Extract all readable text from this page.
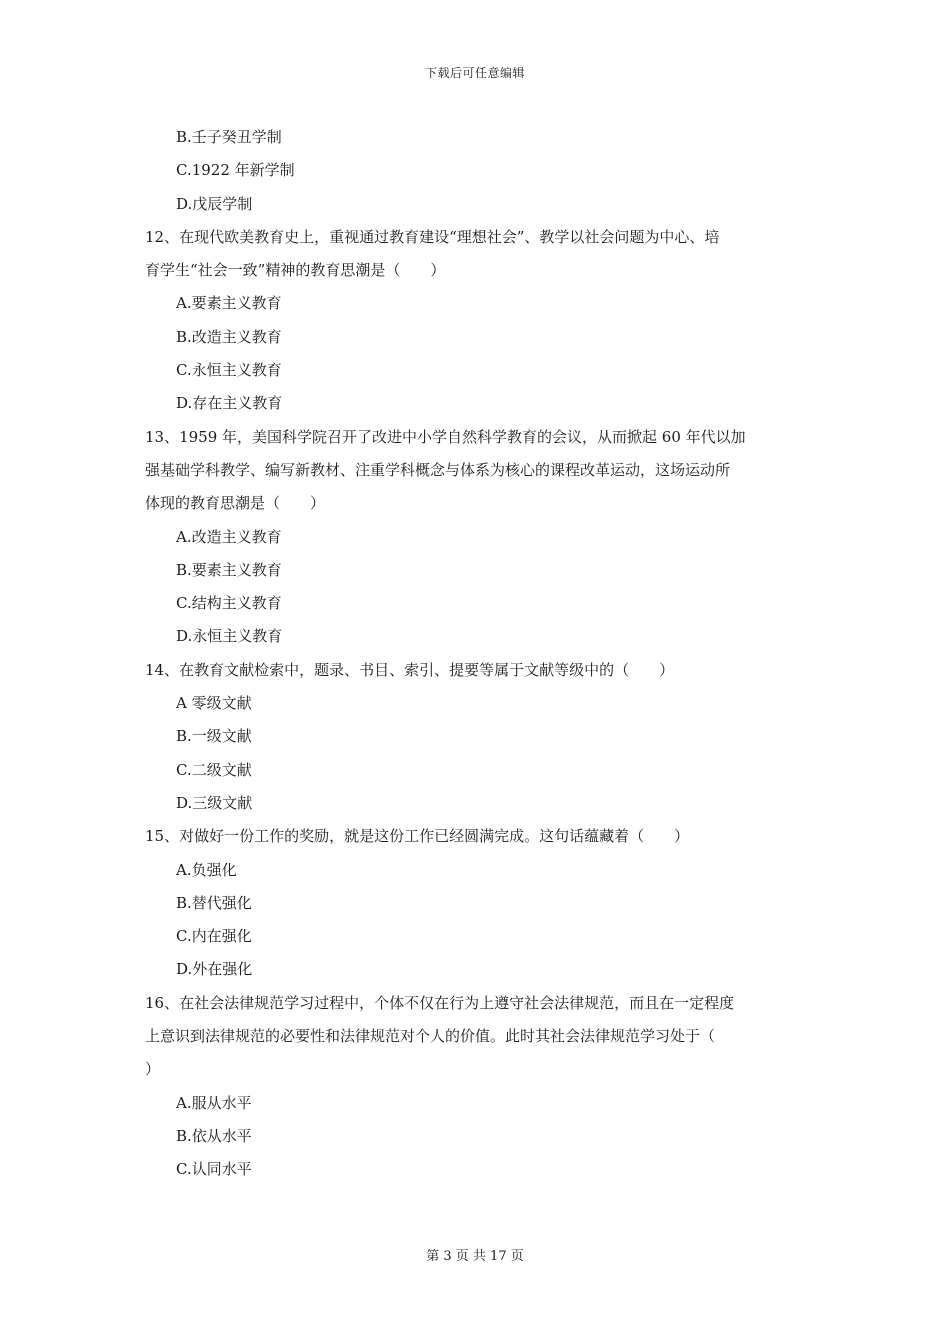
下载后可任意编辑
B.壬子癸丑学制
C.1922 年新学制
D.戊辰学制
12、在现代欧美教育史上，重视通过教育建设“理想社会”、教学以社会问题为中心、培
育学生“社会一致”精神的教育思潮是（　　）
A.要素主义教育
B.改造主义教育
C.永恒主义教育
D.存在主义教育
13、1959 年，美国科学院召开了改进中小学自然科学教育的会议，从而掀起 60 年代以加
强基础学科教学、编写新教材、注重学科概念与体系为核心的课程改革运动，这场运动所
体现的教育思潮是（　　）
A.改造主义教育
B.要素主义教育
C.结构主义教育
D.永恒主义教育
14、在教育文献检索中，题录、书目、索引、提要等属于文献等级中的（　　）
A 零级文献
B.一级文献
C.二级文献
D.三级文献
15、对做好一份工作的奖励，就是这份工作已经圆满完成。这句话蕴藏着（　　）
A.负强化
B.替代强化
C.内在强化
D.外在强化
16、在社会法律规范学习过程中，个体不仅在行为上遵守社会法律规范，而且在一定程度
上意识到法律规范的必要性和法律规范对个人的价值。此时其社会法律规范学习处于（
）
A.服从水平
B.依从水平
C.认同水平
第 3 页 共 17 页
